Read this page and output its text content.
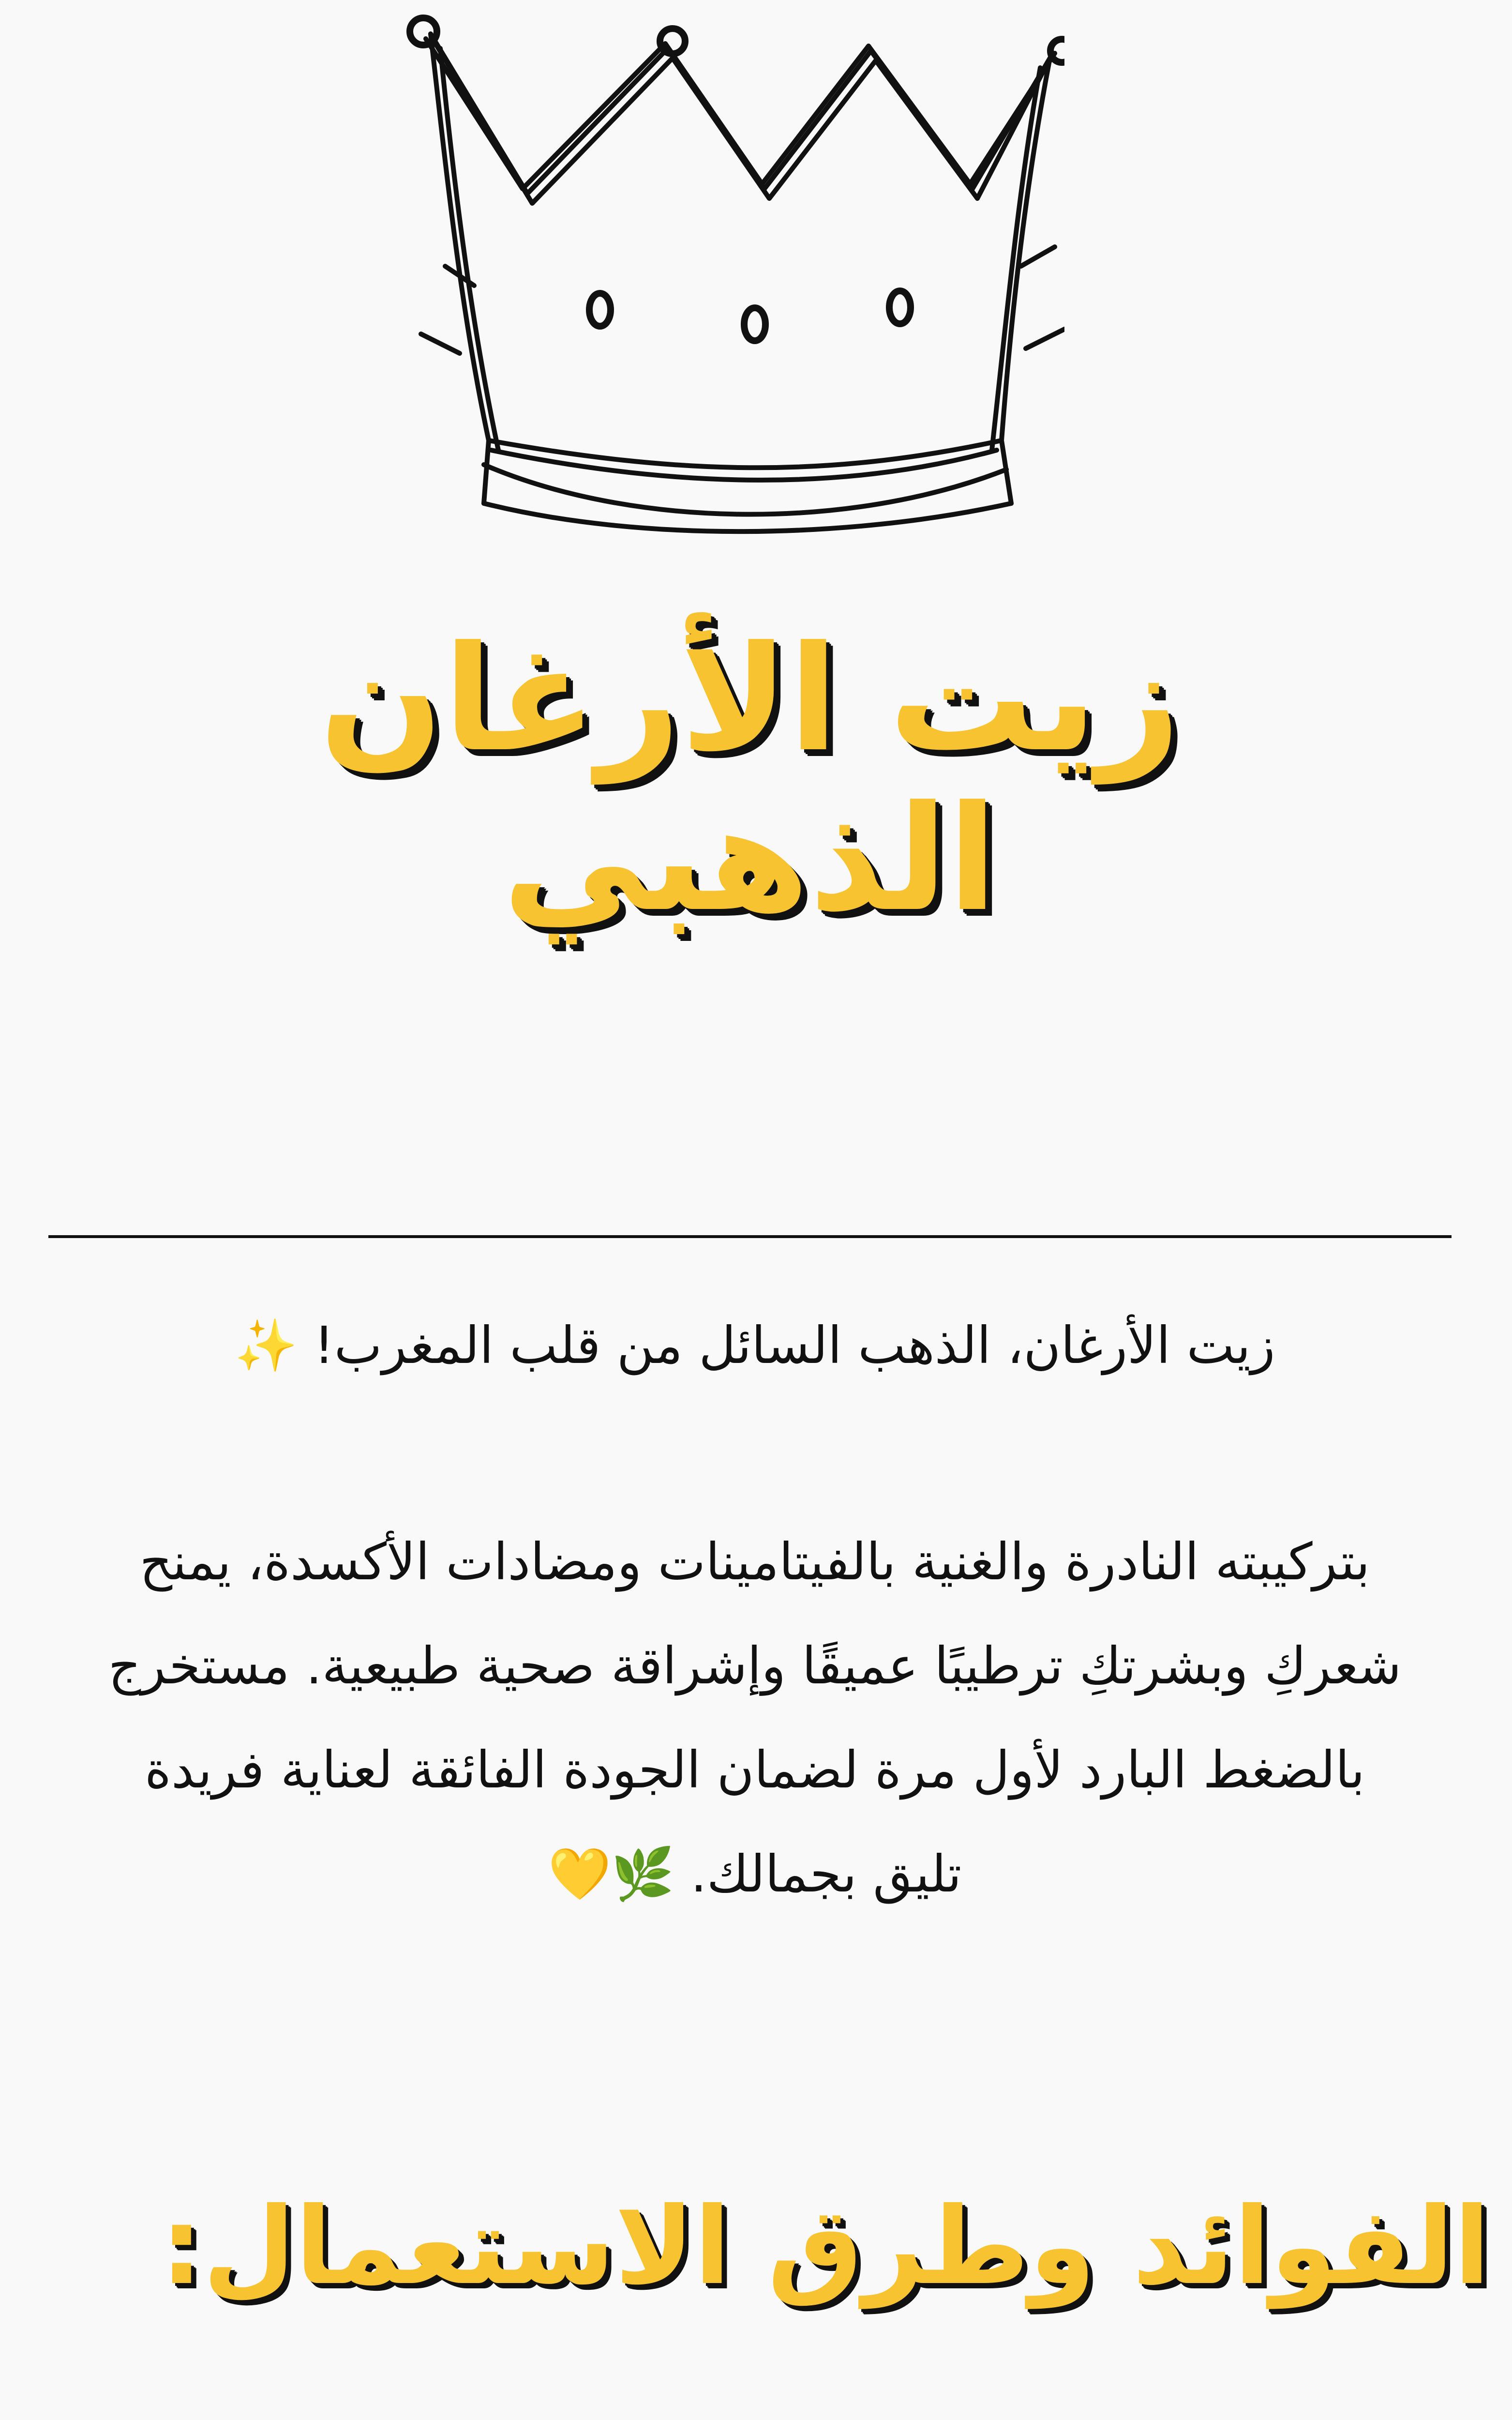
زيت الأرغان الذهبي

زيت الأرغان، الذهب السائل من قلب المغرب! ✨

بتركيبته النادرة والغنية بالفيتامينات ومضادات الأكسدة، يمنح شعركِ وبشرتكِ ترطيبًا عميقًا وإشراقة صحية طبيعية. مستخرج بالضغط البارد لأول مرة لضمان الجودة الفائقة لعناية فريدة تليق بجمالك. 🌿💛

الفوائد وطرق الاستعمال:
